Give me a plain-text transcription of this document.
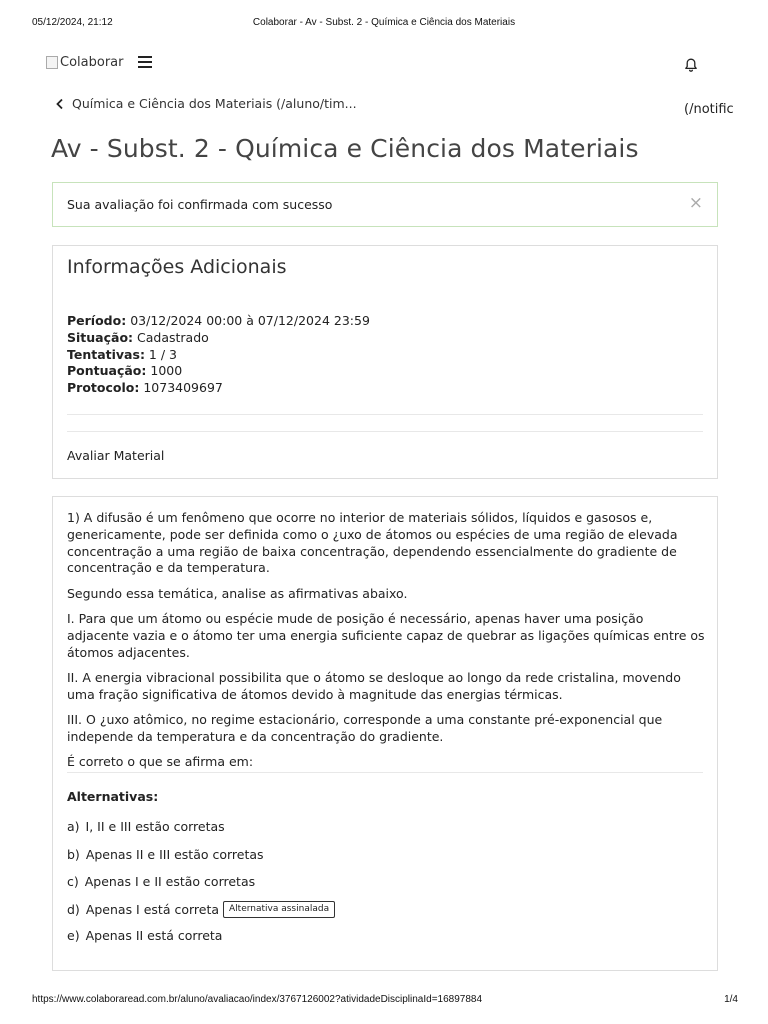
05/12/2024, 21:12	Colaborar - Av - Subst. 2 - Química e Ciência dos Materiais
Colaborar
Química e Ciência dos Materiais (/aluno/tim...	(/notific
Av - Subst. 2 - Química e Ciência dos Materiais
Sua avaliação foi confirmada com sucesso	×
Informações Adicionais
Período: 03/12/2024 00:00 à 07/12/2024 23:59
Situação: Cadastrado
Tentativas: 1 / 3
Pontuação: 1000
Protocolo: 1073409697
Avaliar Material

1) A difusão é um fenômeno que ocorre no interior de materiais sólidos, líquidos e gasosos e, genericamente, pode ser definida como o ¿uxo de átomos ou espécies de uma região de elevada concentração a uma região de baixa concentração, dependendo essencialmente do gradiente de concentração e da temperatura.

Segundo essa temática, analise as afirmativas abaixo.

I. Para que um átomo ou espécie mude de posição é necessário, apenas haver uma posição adjacente vazia e o átomo ter uma energia suficiente capaz de quebrar as ligações químicas entre os átomos adjacentes.

II. A energia vibracional possibilita que o átomo se desloque ao longo da rede cristalina, movendo uma fração significativa de átomos devido à magnitude das energias térmicas.

III. O ¿uxo atômico, no regime estacionário, corresponde a uma constante pré-exponencial que independe da temperatura e da concentração do gradiente.

É correto o que se afirma em:

Alternativas:
a) I, II e III estão corretas
b) Apenas II e III estão corretas
c) Apenas I e II estão corretas
d) Apenas I está correta	Alternativa assinalada
e) Apenas II está correta
https://www.colaboraread.com.br/aluno/avaliacao/index/3767126002?atividadeDisciplinaId=16897884	1/4
